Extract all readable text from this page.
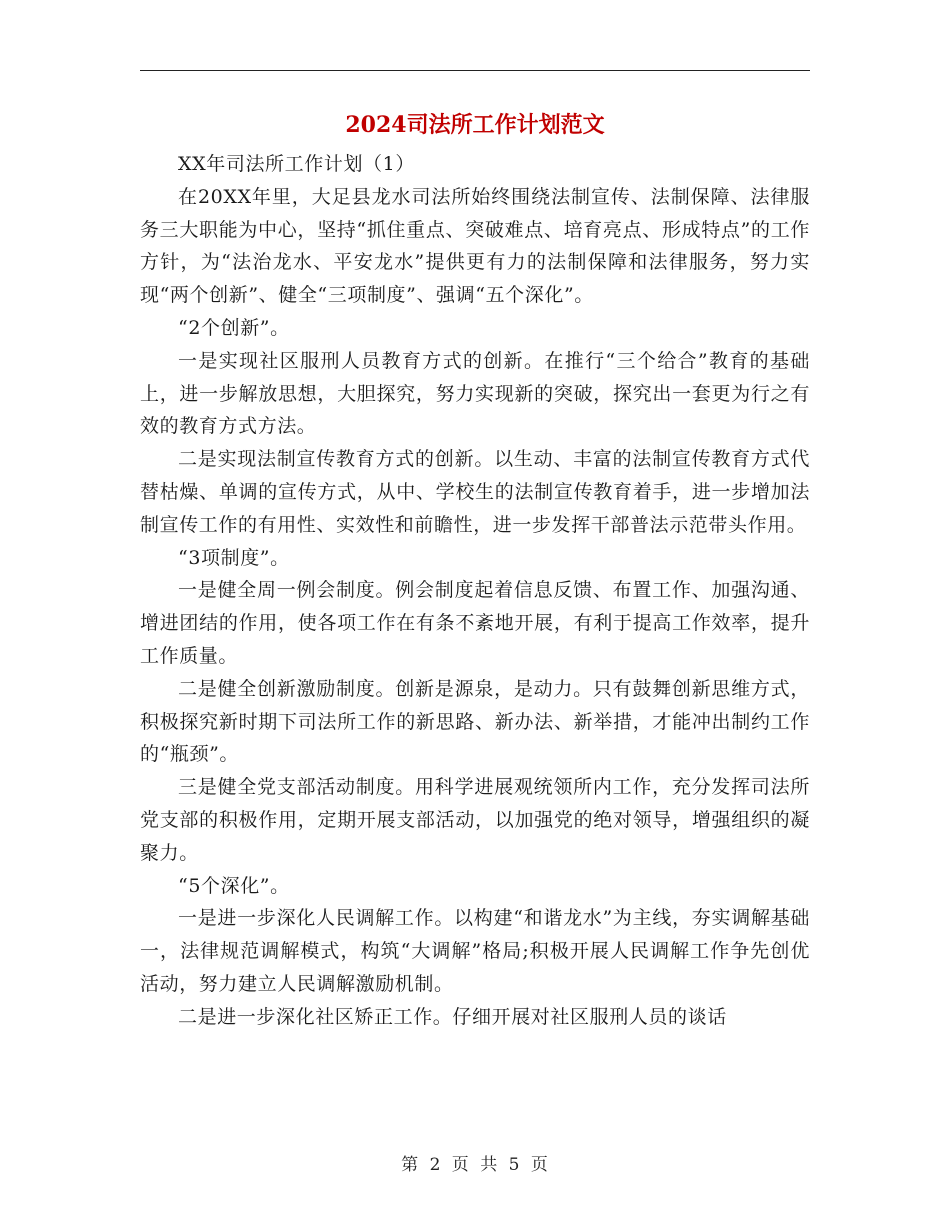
2024司法所工作计划范文

XX年司法所工作计划（1）

在20XX年里，大足县龙水司法所始终围绕法制宣传、法制保障、法律服务三大职能为中心，坚持“抓住重点、突破难点、培育亮点、形成特点”的工作方针，为“法治龙水、平安龙水”提供更有力的法制保障和法律服务，努力实现“两个创新”、健全“三项制度”、强调“五个深化”。

“2个创新”。

一是实现社区服刑人员教育方式的创新。在推行“三个给合”教育的基础上，进一步解放思想，大胆探究，努力实现新的突破，探究出一套更为行之有效的教育方式方法。

二是实现法制宣传教育方式的创新。以生动、丰富的法制宣传教育方式代替枯燥、单调的宣传方式，从中、学校生的法制宣传教育着手，进一步增加法制宣传工作的有用性、实效性和前瞻性，进一步发挥干部普法示范带头作用。

“3项制度”。

一是健全周一例会制度。例会制度起着信息反馈、布置工作、加强沟通、增进团结的作用，使各项工作在有条不紊地开展，有利于提高工作效率，提升工作质量。

二是健全创新激励制度。创新是源泉，是动力。只有鼓舞创新思维方式，积极探究新时期下司法所工作的新思路、新办法、新举措，才能冲出制约工作的“瓶颈”。

三是健全党支部活动制度。用科学进展观统领所内工作，充分发挥司法所党支部的积极作用，定期开展支部活动，以加强党的绝对领导，增强组织的凝聚力。

“5个深化”。

一是进一步深化人民调解工作。以构建“和谐龙水”为主线，夯实调解基础一，法律规范调解模式，构筑“大调解”格局;积极开展人民调解工作争先创优活动，努力建立人民调解激励机制。

二是进一步深化社区矫正工作。仔细开展对社区服刑人员的谈话

第 2 页 共 5 页
